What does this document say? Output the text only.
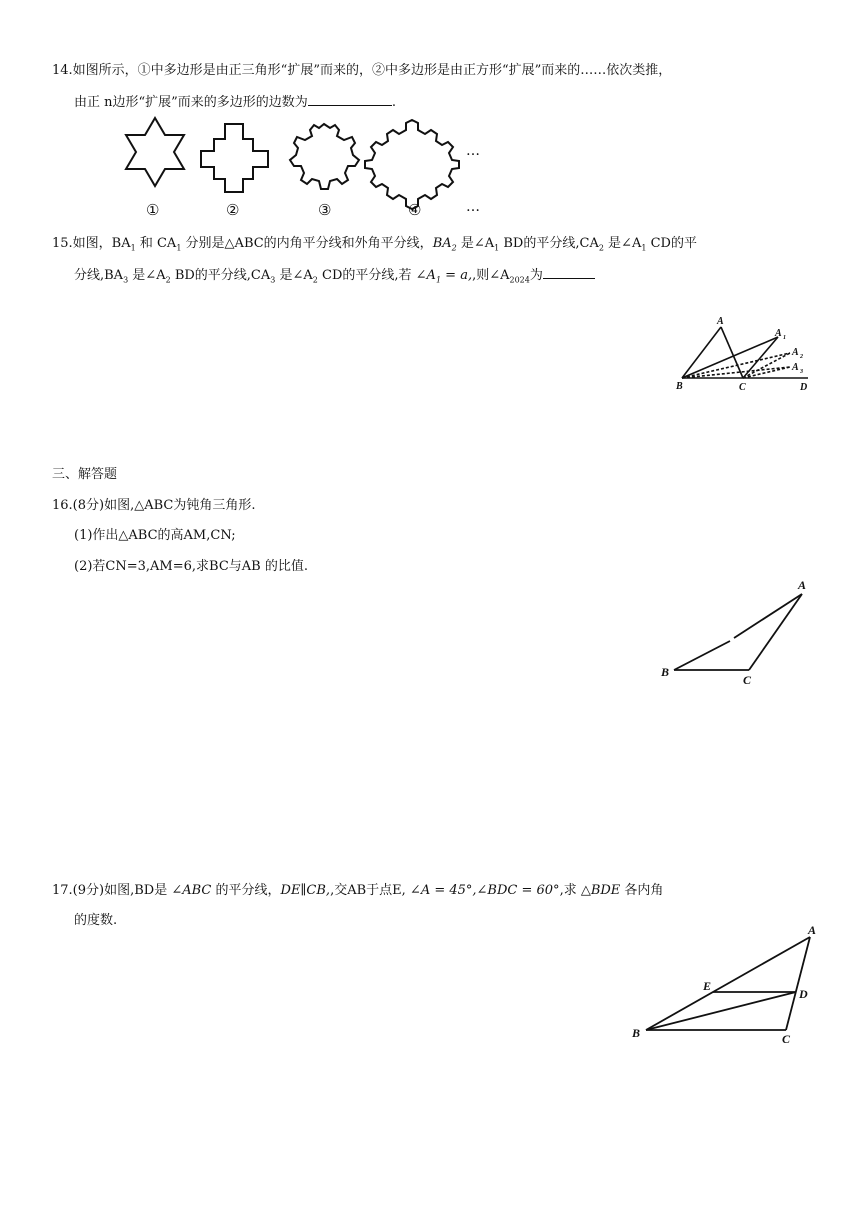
14.如图所示，①中多边形是由正三角形“扩展”而来的，②中多边形是由正方形“扩展”而来的……依次类推，
由正 n边形“扩展”而来的多边形的边数为	.
…
①	②	③	④	…
15.如图，$BA_1$ 和 $CA_1$ 分别是△ABC的内角平分线和外角平分线，$BA_2$ 是$\angle A_1$ BD的平分线$,CA_2$ 是$\angle A_1$ CD的平
分线$,BA_3$ 是$\angle A_2$ BD的平分线$,CA_3$ 是$\angle A_2$ CD的平分线,若 $\angle A_1 = a$,,则$\angle A_{2024}$为
A
A 1
A 2
A 3
B	C	D
三、解答题
16.(8分)如图,△ABC为钝角三角形.
(1)作出△ABC的高AM,CN;
(2)若CN=3,AM=6,求BC与AB 的比值.
A
B
C
17.(9分)如图,BD是 ∠ABC 的平分线，DE∥CB,,交AB于点E, ∠A = 45°,∠BDC = 60°,求 △BDE 各内角
的度数.
A
B	C
D
E
